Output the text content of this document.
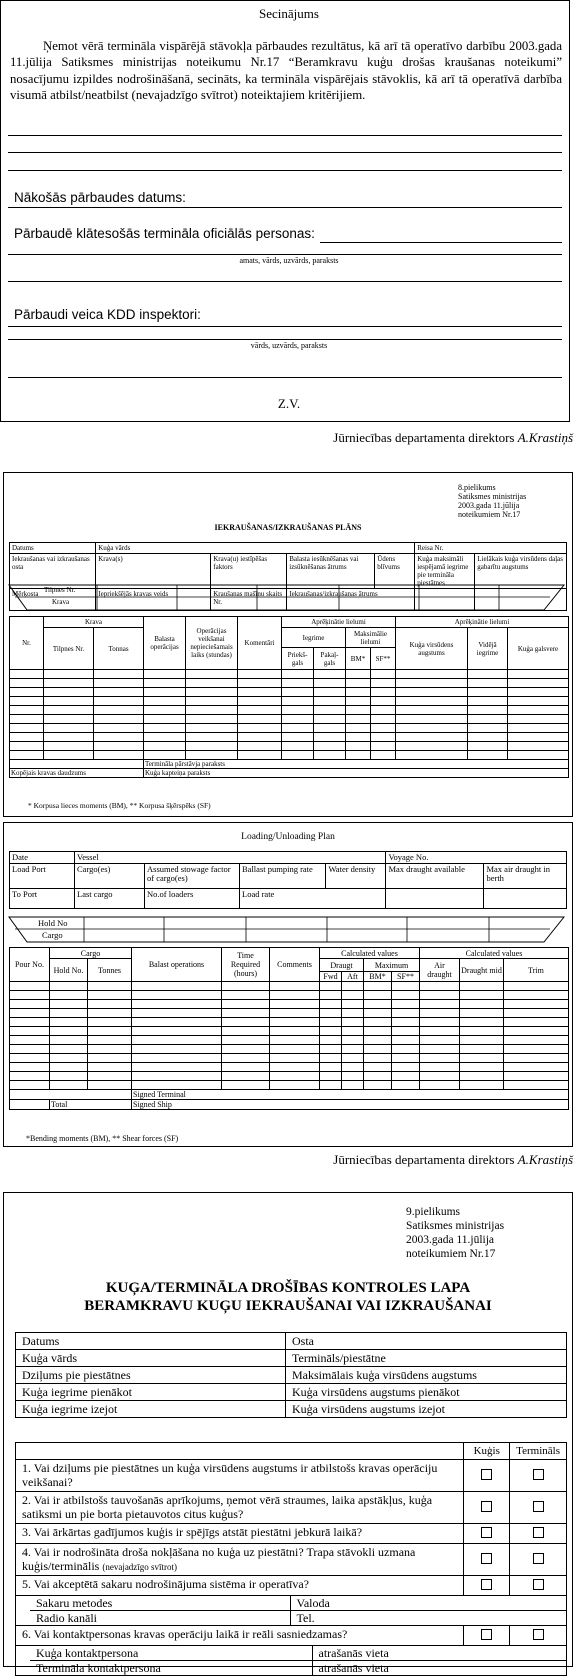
Secinājums
Ņemot vērā termināla vispārējā stāvokļa pārbaudes rezultātus, kā arī tā operatīvo darbību 2003.gada 11.jūlija Satiksmes ministrijas noteikumu Nr.17 “Beramkravu kuģu drošas kraušanas noteikumi” nosacījumu izpildes nodrošināšanā, secināts, ka termināla vispārējais stāvoklis, kā arī tā operatīvā darbība visumā atbilst/neatbilst (nevajadzīgo svītrot) noteiktajiem kritērijiem.
Nākošās pārbaudes datums:
Pārbaudē klātesošās termināla oficiālās personas:
amats, vārds, uzvārds, paraksts
Pārbaudi veica KDD inspektori:
vārds, uzvārds, paraksts
Z.V.
Jūrniecības departamenta direktors A.Krastiņš
8.pielikums
Satiksmes ministrijas
2003.gada 11.jūlija
noteikumiem Nr.17
IEKRAUŠANAS/IZKRAUŠANAS PLĀNS
Datums	Kuģa vārds				Reisa Nr.	
Iekraušanas vai izkraušanas osta	Krava(s)	Krava(u) iestīpēšas faktors	Balasta iesūknēšanas vai izsūknēšanas ātrums	Ūdens blīvums	Kuģa maksimāli iespējamā iegrime pie termināla piestātnes	Lielākais kuģa virsūdens daļas gabarītu augstums
Mērķosta	Iepriekšējās kravas veids	Kraušanas mašīnu skaits Nr.	Iekraušanas/izkraušanas ātrums			
Tilpnes Nr.
Krava
Nr.	Krava		Balasta operācijas	Operācijas veikšanai nepieciešamais laiks (stundas)	Komentāri	Aprēķinātie lielumi				Aprēķinātie lielumi		
	Tilpnes Nr.	Tonnas				Iegrime		Maksimālie lielumi		Kuģa virsūdens augstums	Vidējā iegrime	Kuģa galsvere
						Priekš-gals	Pakaļ-gals	BM*	SF**			

			Termināla pārstāvja paraksts									
Kopējais kravas daudzums			Kuģa kapteiņa paraksts									
* Korpusa lieces moments (BM), ** Korpusa šķērspēks (SF)
Loading/Unloading Plan
Date	Vessel				Voyage No.	
Load Port	Cargo(es)	Assumed stowage factor of cargo(es)	Ballast pumping rate	Water density	Max draught available	Max air draught in berth
To Port	Last cargo	No.of loaders	Load rate			
Hold No
Cargo
Pour No.	Cargo		Balast operations	Time Required (hours)	Comments	Calculated values				Calculated values		
	Hold No.	Tonnes				Draugt		Maximum		Air draught	Draught mid	Trim
						Fwd	Aft	BM*	SF**			

			Signed Terminal									
	Total		Signed Ship									
*Bending moments (BM), ** Shear forces (SF)
Jūrniecības departamenta direktors A.Krastiņš
9.pielikums
Satiksmes ministrijas
2003.gada 11.jūlija
noteikumiem Nr.17
KUĢA/TERMINĀLA DROŠĪBAS KONTROLES LAPA
BERAMKRAVU KUĢU IEKRAUŠANAI VAI IZKRAUŠANAI
Datums	Osta
Kuģa vārds	Termināls/piestātne
Dziļums pie piestātnes	Maksimālais kuģa virsūdens augstums
Kuģa iegrime pienākot	Kuģa virsūdens augstums pienākot
Kuģa iegrime izejot	Kuģa virsūdens augstums izejot
	Kuģis	Termināls
1. Vai dziļums pie piestātnes un kuģa virsūdens augstums ir atbilstošs kravas operāciju veikšanai?		
2. Vai ir atbilstošs tauvošanās aprīkojums, ņemot vērā straumes, laika apstākļus, kuģa satiksmi un pie borta pietauvotos citus kuģus?		
3. Vai ārkārtas gadījumos kuģis ir spējīgs atstāt piestātni jebkurā laikā?		
4. Vai ir nodrošināta droša nokļāšana no kuģa uz piestātni? Trapa stāvokli uzmana kuģis/terminālis (nevajadzīgo svītrot)		
5. Vai akceptētā sakaru nodrošinājuma sistēma ir operatīva?		

Sakaru metodes	Valoda
Radio kanāli	Tel.

6. Vai kontaktpersonas kravas operāciju laikā ir reāli sasniedzamas?		

Kuģa kontaktpersona	atrašanās vieta
Termināla kontaktpersona	atrašanās vieta
